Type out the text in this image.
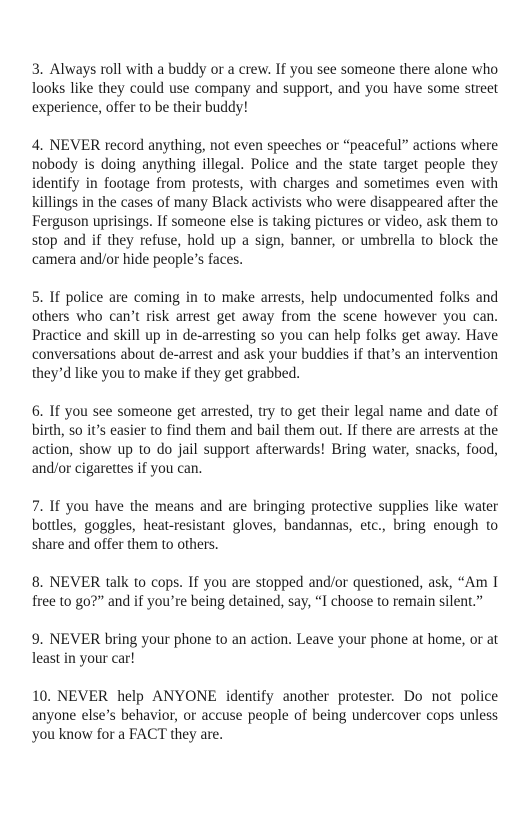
3. Always roll with a buddy or a crew. If you see someone there alone who looks like they could use company and support, and you have some street experience, offer to be their buddy!

4. NEVER record anything, not even speeches or “peaceful” actions where nobody is doing anything illegal. Police and the state target people they identify in footage from protests, with charges and sometimes even with killings in the cases of many Black activists who were disappeared after the Ferguson uprisings. If someone else is taking pictures or video, ask them to stop and if they refuse, hold up a sign, banner, or umbrella to block the camera and/or hide people’s faces.

5. If police are coming in to make arrests, help undocumented folks and others who can’t risk arrest get away from the scene however you can. Practice and skill up in de-arresting so you can help folks get away. Have conversations about de-arrest and ask your buddies if that’s an intervention they’d like you to make if they get grabbed.

6. If you see someone get arrested, try to get their legal name and date of birth, so it’s easier to find them and bail them out. If there are arrests at the action, show up to do jail support afterwards! Bring water, snacks, food, and/or cigarettes if you can.

7. If you have the means and are bringing protective supplies like water bottles, goggles, heat-resistant gloves, bandannas, etc., bring enough to share and offer them to others.

8. NEVER talk to cops. If you are stopped and/or questioned, ask, “Am I free to go?” and if you’re being detained, say, “I choose to remain silent.”

9. NEVER bring your phone to an action. Leave your phone at home, or at least in your car!

10. NEVER help ANYONE identify another protester. Do not police anyone else’s behavior, or accuse people of being undercover cops unless you know for a FACT they are.
